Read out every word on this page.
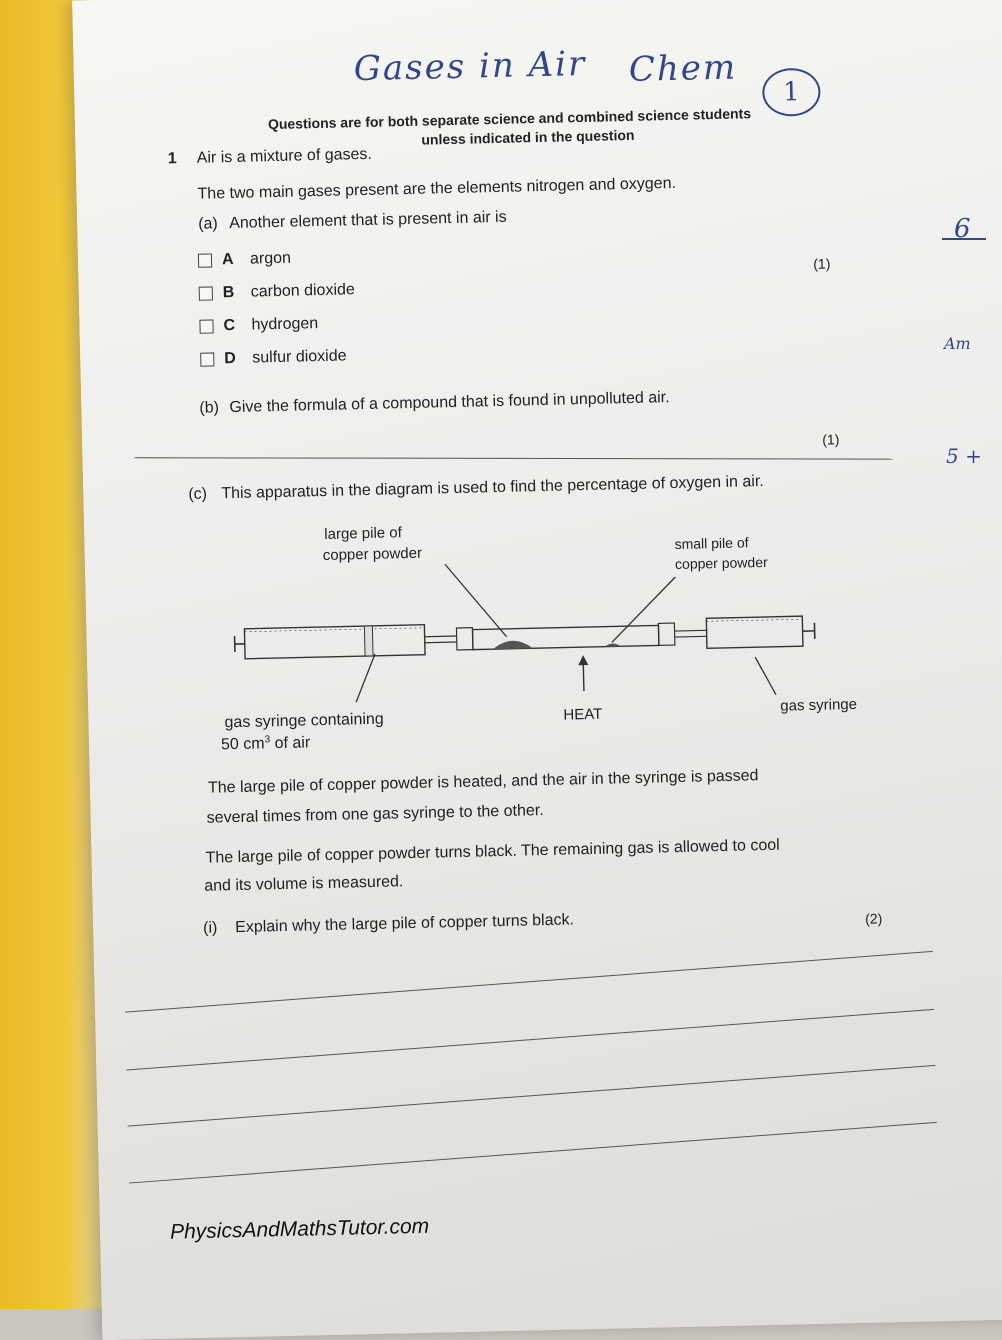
Gases in Air Chem
1
Questions are for both separate science and combined science students
unless indicated in the question
1 Air is a mixture of gases.
The two main gases present are the elements nitrogen and oxygen.
(a) Another element that is present in air is
(1)
A	argon
B	carbon dioxide
C	hydrogen
D	sulfur dioxide
(b) Give the formula of a compound that is found in unpolluted air.
(1)
(c) This apparatus in the diagram is used to find the percentage of oxygen in air.
large pile of
copper powder
small pile of
copper powder
gas syringe containing
50 $cm^3$ of air
HEAT	gas syringe
The large pile of copper powder is heated, and the air in the syringe is passed
several times from one gas syringe to the other.
The large pile of copper powder turns black. The remaining gas is allowed to cool
and its volume is measured.
(i) Explain why the large pile of copper turns black.	(2)
PhysicsAndMathsTutor.com
6
Am
5 +
